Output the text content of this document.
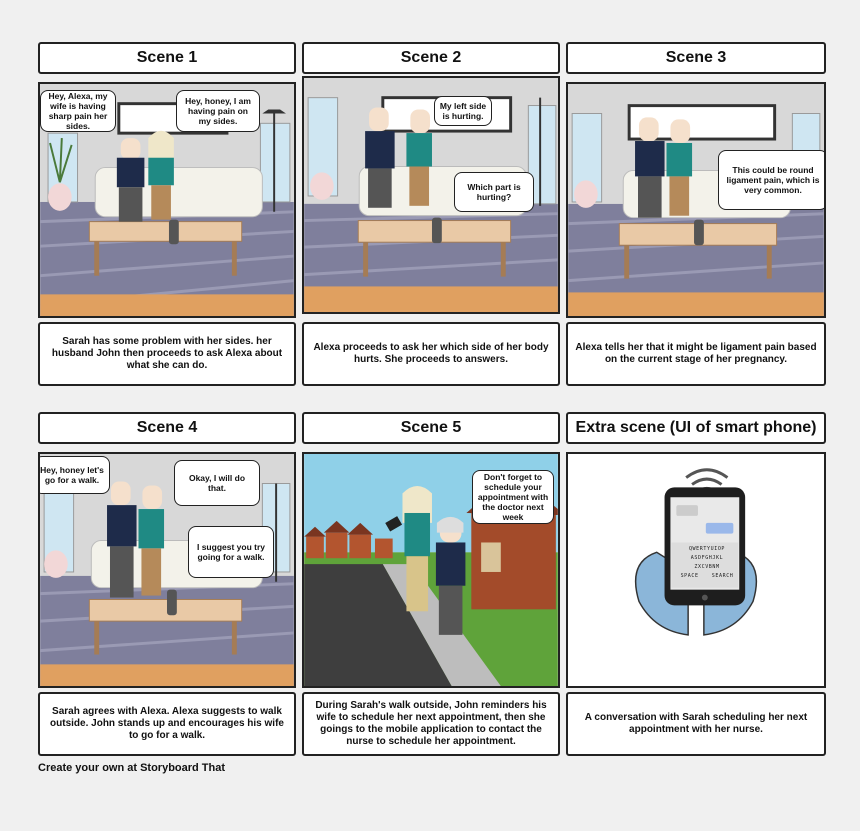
Scene 1	Scene 2	Scene 3
Scene 4	Scene 5	Extra scene (UI of smart phone)
Hey, Alexa, my wife is having sharp pain her sides.
Hey, honey, I am having pain on my sides.
My left side is hurting.
Which part is hurting?
This could be round ligament pain, which is very common.
Hey, honey let's go for a walk.	Okay, I will do that.
I suggest you try going for a walk.
Don't forget to schedule your appointment with the doctor next week
QWERTYUIOP
ASDFGHJKL
ZXCVBNM
SPACE	SEARCH
Sarah has some problem with her sides. her husband John then proceeds to ask Alexa about what she can do.
Alexa proceeds to ask her which side of her body hurts. She proceeds to answers.
Alexa tells her that it might be ligament pain based on the current stage of her pregnancy.
Sarah agrees with Alexa. Alexa suggests to walk outside. John stands up and encourages his wife to go for a walk.
During Sarah's walk outside, John reminders his wife to schedule her next appointment, then she goings to the mobile application to contact the nurse to schedule her appointment.
A conversation with Sarah scheduling her next appointment with her nurse.
Create your own at Storyboard That
